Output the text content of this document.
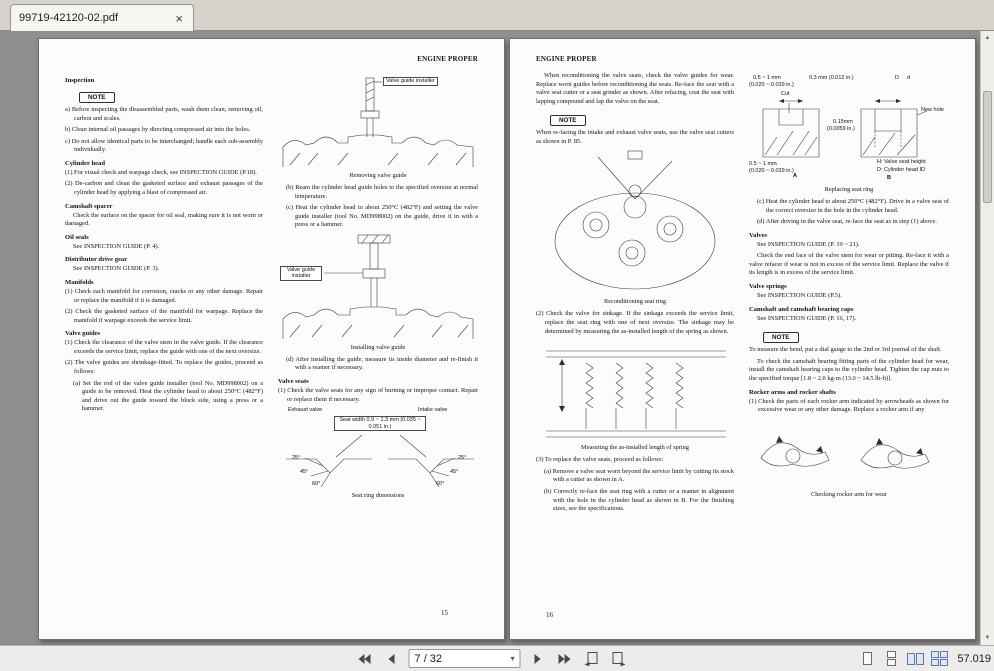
99719-42120-02.pdf	×
ENGINE PROPER
Inspection
NOTE

a) Before inspecting the disassembled parts, wash them clean, removing oil, carbon and scales.

b) Clean internal oil passages by directing compressed air into the holes.

c) Do not allow identical parts to be interchanged; handle each sub-assembly individually.

Cylinder head

(1) For visual check and warpage check, see INSPECTION GUIDE (P.18).

(2) De-carbon and clean the gasketed surface and exhaust passages of the cylinder head by applying a blast of compressed air.

Camshaft spacer

Check the surface on the spacer for oil seal, making sure it is not worn or damaged.

Oil seals

See INSPECTION GUIDE (P. 4).

Distributor drive gear

See INSPECTION GUIDE (P. 3).

Manifolds

(1) Check each manifold for corrosion, cracks or any other damage. Repair or replace the manifold if it is damaged.

(2) Check the gasketed surface of the manifold for warpage. Replace the manifold if warpage exceeds the service limit.

Valve guides

(1) Check the clearance of the valve stem in the valve guide. If the clearance exceeds the service limit, replace the guide with one of the next oversize.

(2) The valve guides are shrinkage-fitted. To replace the guides, proceed as follows:

(a) Set the rod of the valve guide installer (tool No. MD998002) on a guide to be removed. Heat the cylinder head to about 250°C (482°F) and drive out the guide toward the block side, using a press or a hammer.

Valve guide installer

Removing valve guide

(b) Ream the cylinder head guide holes to the specified oversize at normal temperature.

(c) Heat the cylinder head to about 250°C (482°F) and setting the valve guide installer (tool No. MD998002) on the guide, drive it in with a press or a hammer.

Valve guide installer

Installing valve guide

(d) After installing the guide, measure its inside diameter and re-finish it with a reamer if necessary.

Valve seats

(1) Check the valve seats for any sign of burning or improper contact. Repair or replace them if necessary.

Exhaust valve	Intake valve
Seat width 0.9 ~ 1.3 mm (0.035 ~ 0.051 in.)
25°
45°
60°
25°
45°
60°

Seat ring dimensions

15
ENGINE PROPER

When reconditioning the valve seats, check the valve guides for wear. Replace worn guides before reconditioning the seats. Re-face the seat with a valve seat cutter or a seat grinder as shown. After refacing, coat the seat with lapping compound and lap the valve on the seat.

NOTE

When re-facing the intake and exhaust valve seats, use the valve seat cutters as shown in P. 85.

Reconditioning seat ring

(2) Check the valve for sinkage. If the sinkage exceeds the service limit, replace the seat ring with one of next oversize. The sinkage may be determined by measuring the as-installed length of the spring as shown.

Measuring the as-installed length of spring

(3) To replace the valve seats, proceed as follows:

(a) Remove a valve seat worn beyond the service limit by cutting its stock with a cutter as shown in A.

(b) Correctly re-face the seat ring with a cutter or a reamer in alignment with the hole in the cylinder head as shown in B. For the finishing sizes, see the specifications.

0.5 ~ 1 mm
(0.020 ~ 0.039 in.)
0.3 mm (0.012 in.)	D d
Cut
New hole
0.15mm
(0.0059 in.)
0.5 ~ 1 mm
(0.020 ~ 0.039 in.)
A	B
H: Valve seat height
D: Cylinder head ID

Replacing seat ring

(c) Heat the cylinder head to about 250°C (482°F). Drive in a valve seat of the correct oversize in the hole in the cylinder head.

(d) After driving in the valve seat, re-face the seat as in step (1) above.

Valves

See INSPECTION GUIDE (P. 19 ~ 21).

Check the end face of the valve stem for wear or pitting. Re-face it with a valve refacer if wear is not in excess of the service limit. Replace the valve if its length is in excess of the service limit.

Valve springs

See INSPECTION GUIDE (P.5).

Camshaft and camshaft bearing caps

See INSPECTION GUIDE (P. 16, 17).

NOTE

To measure the bend, put a dial gauge to the 2nd or 3rd journal of the shaft.

To check the camshaft bearing fitting parts of the cylinder head for wear, install the camshaft bearing caps to the cylinder head. Tighten the cap nuts to the specified torque [1.8 ~ 2.0 kg-m (13.0 ~ 14.5 lb-ft)].

Rocker arms and rocker shafts

(1) Check the parts of each rocker arm indicated by arrowheads as shown for excessive wear or any other damage. Replace a rocker arm if any

Checking rocker arm for wear

16
▲
▼
7 / 32	▾	57.019
